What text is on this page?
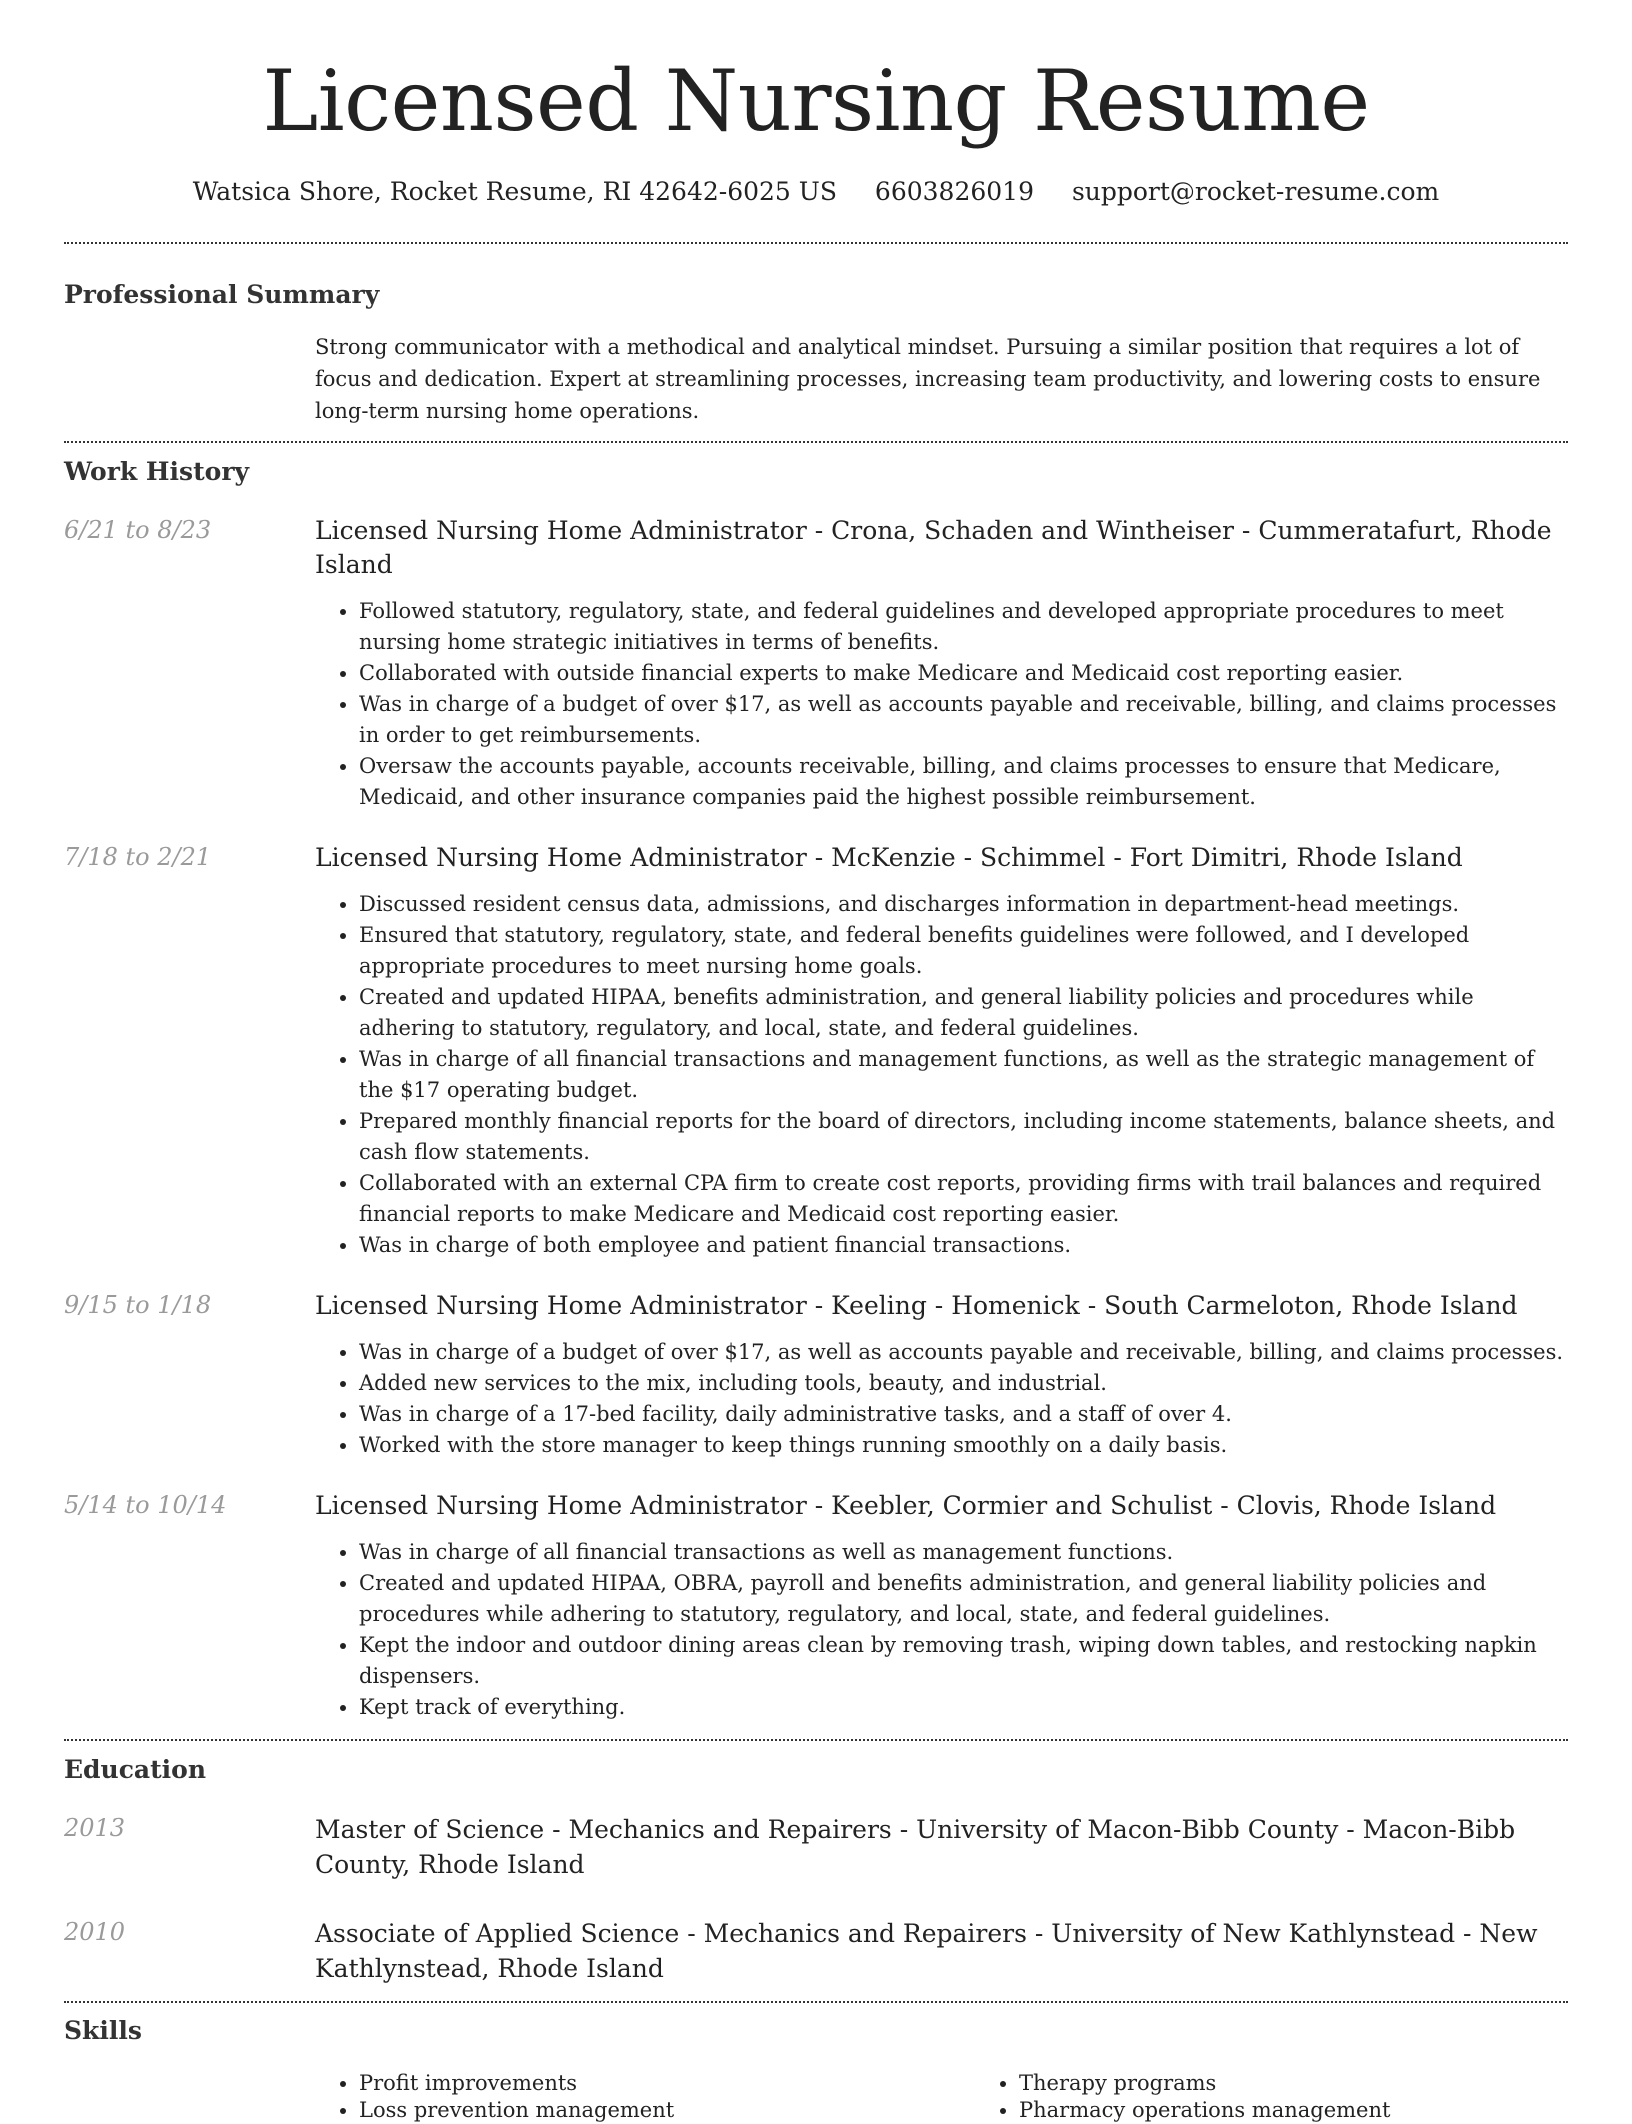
Licensed Nursing Resume
Watsica Shore, Rocket Resume, RI 42642-6025 US 6603826019 support@rocket-resume.com
Professional Summary

Strong communicator with a methodical and analytical mindset. Pursuing a similar position that requires a lot of focus and dedication. Expert at streamlining processes, increasing team productivity, and lowering costs to ensure long-term nursing home operations.

Work History
6/21 to 8/23	Licensed Nursing Home Administrator - Crona, Schaden and Wintheiser - Cummeratafurt, Rhode Island

• Followed statutory, regulatory, state, and federal guidelines and developed appropriate procedures to meet nursing home strategic initiatives in terms of benefits.
• Collaborated with outside financial experts to make Medicare and Medicaid cost reporting easier.
• Was in charge of a budget of over $17, as well as accounts payable and receivable, billing, and claims processes in order to get reimbursements.
• Oversaw the accounts payable, accounts receivable, billing, and claims processes to ensure that Medicare, Medicaid, and other insurance companies paid the highest possible reimbursement.
7/18 to 2/21	Licensed Nursing Home Administrator - McKenzie - Schimmel - Fort Dimitri, Rhode Island

• Discussed resident census data, admissions, and discharges information in department-head meetings.
• Ensured that statutory, regulatory, state, and federal benefits guidelines were followed, and I developed appropriate procedures to meet nursing home goals.
• Created and updated HIPAA, benefits administration, and general liability policies and procedures while adhering to statutory, regulatory, and local, state, and federal guidelines.
• Was in charge of all financial transactions and management functions, as well as the strategic management of the $17 operating budget.
• Prepared monthly financial reports for the board of directors, including income statements, balance sheets, and cash flow statements.
• Collaborated with an external CPA firm to create cost reports, providing firms with trail balances and required financial reports to make Medicare and Medicaid cost reporting easier.
• Was in charge of both employee and patient financial transactions.
9/15 to 1/18	Licensed Nursing Home Administrator - Keeling - Homenick - South Carmeloton, Rhode Island

• Was in charge of a budget of over $17, as well as accounts payable and receivable, billing, and claims processes.
• Added new services to the mix, including tools, beauty, and industrial.
• Was in charge of a 17-bed facility, daily administrative tasks, and a staff of over 4.
• Worked with the store manager to keep things running smoothly on a daily basis.
5/14 to 10/14	Licensed Nursing Home Administrator - Keebler, Cormier and Schulist - Clovis, Rhode Island

• Was in charge of all financial transactions as well as management functions.
• Created and updated HIPAA, OBRA, payroll and benefits administration, and general liability policies and procedures while adhering to statutory, regulatory, and local, state, and federal guidelines.
• Kept the indoor and outdoor dining areas clean by removing trash, wiping down tables, and restocking napkin dispensers.
• Kept track of everything.
Education
2013	Master of Science - Mechanics and Repairers - University of Macon-Bibb County - Macon-Bibb County, Rhode Island

2010	Associate of Applied Science - Mechanics and Repairers - University of New Kathlynstead - New Kathlynstead, Rhode Island

Skills
• Profit improvements
• Loss prevention management
• Therapy programs
• Pharmacy operations management
